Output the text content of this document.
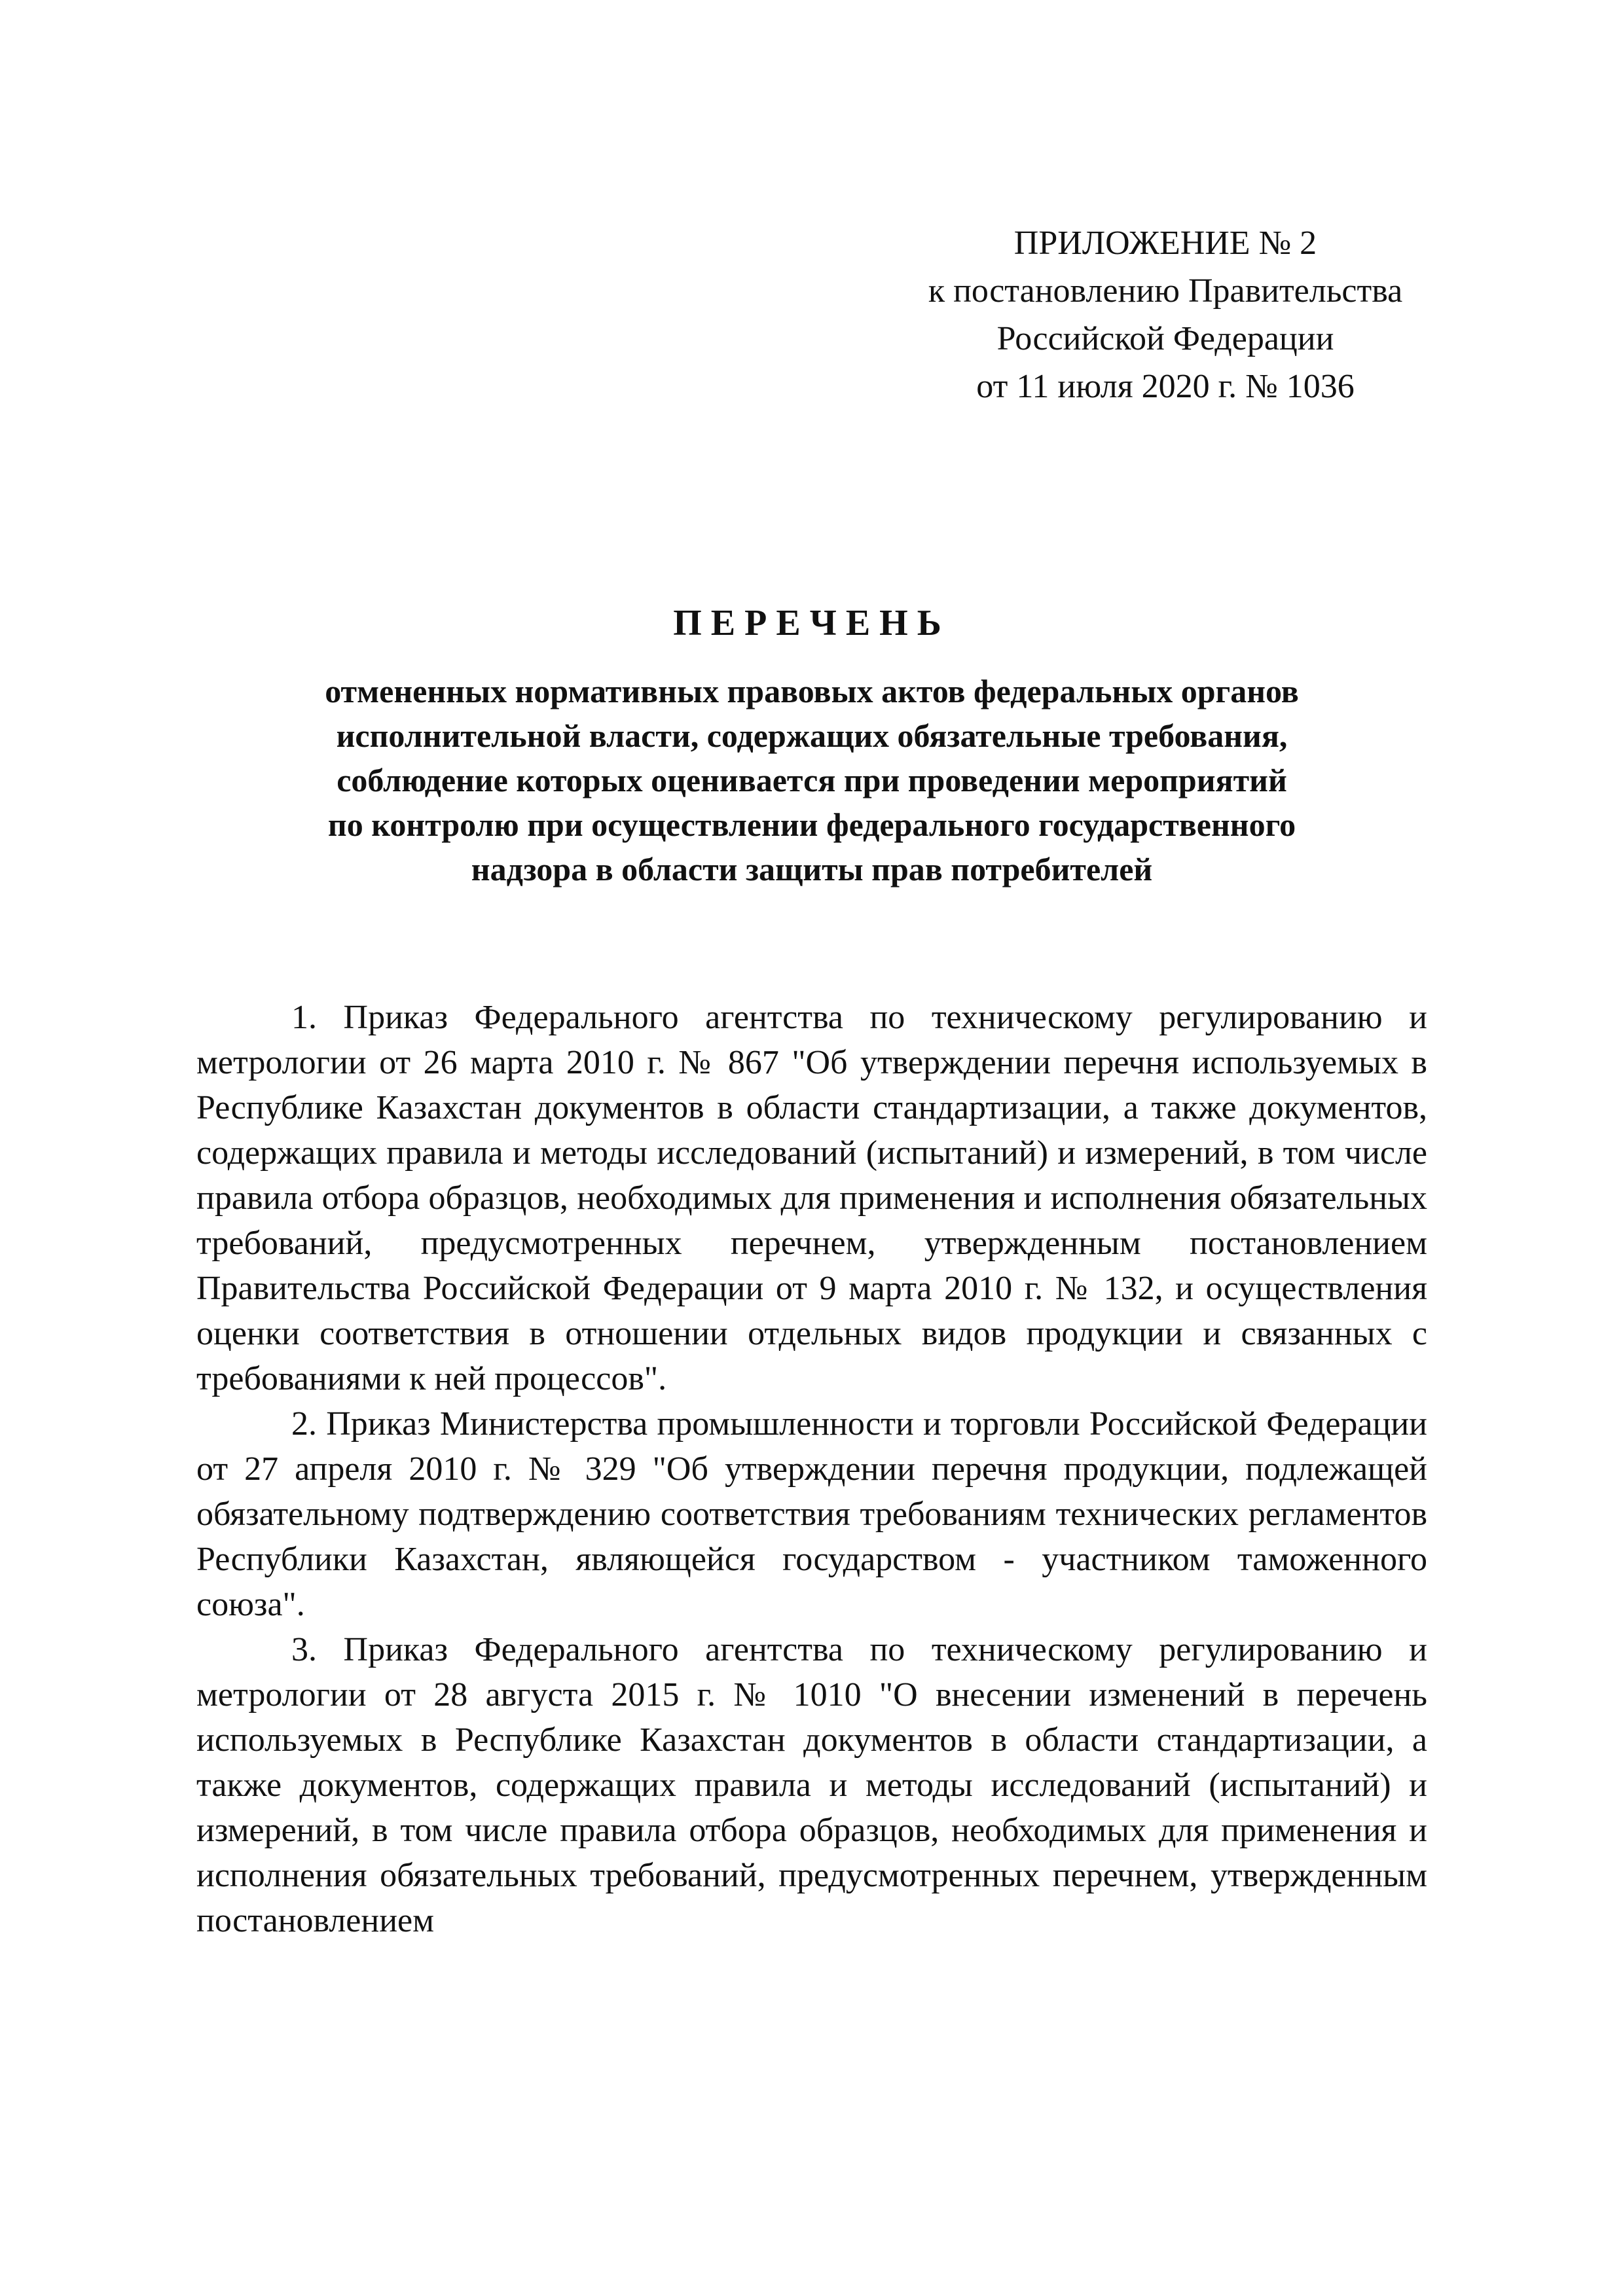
ПРИЛОЖЕНИЕ № 2
к постановлению Правительства
Российской Федерации
от 11 июля 2020 г. № 1036
ПЕРЕЧЕНЬ
отмененных нормативных правовых актов федеральных органов
исполнительной власти, содержащих обязательные требования,
соблюдение которых оценивается при проведении мероприятий
по контролю при осуществлении федерального государственного
надзора в области защиты прав потребителей

1. Приказ Федерального агентства по техническому регулированию и метрологии от 26 марта 2010 г. № 867 "Об утверждении перечня используемых в Республике Казахстан документов в области стандартизации, а также документов, содержащих правила и методы исследований (испытаний) и измерений, в том числе правила отбора образцов, необходимых для применения и исполнения обязательных требований, предусмотренных перечнем, утвержденным постановлением Правительства Российской Федерации от 9 марта 2010 г. № 132, и осуществления оценки соответствия в отношении отдельных видов продукции и связанных с требованиями к ней процессов".

2. Приказ Министерства промышленности и торговли Российской Федерации от 27 апреля 2010 г. № 329 "Об утверждении перечня продукции, подлежащей обязательному подтверждению соответствия требованиям технических регламентов Республики Казахстан, являющейся государством - участником таможенного союза".

3. Приказ Федерального агентства по техническому регулированию и метрологии от 28 августа 2015 г. № 1010 "О внесении изменений в перечень используемых в Республике Казахстан документов в области стандартизации, а также документов, содержащих правила и методы исследований (испытаний) и измерений, в том числе правила отбора образцов, необходимых для применения и исполнения обязательных требований, предусмотренных перечнем, утвержденным постановлением
